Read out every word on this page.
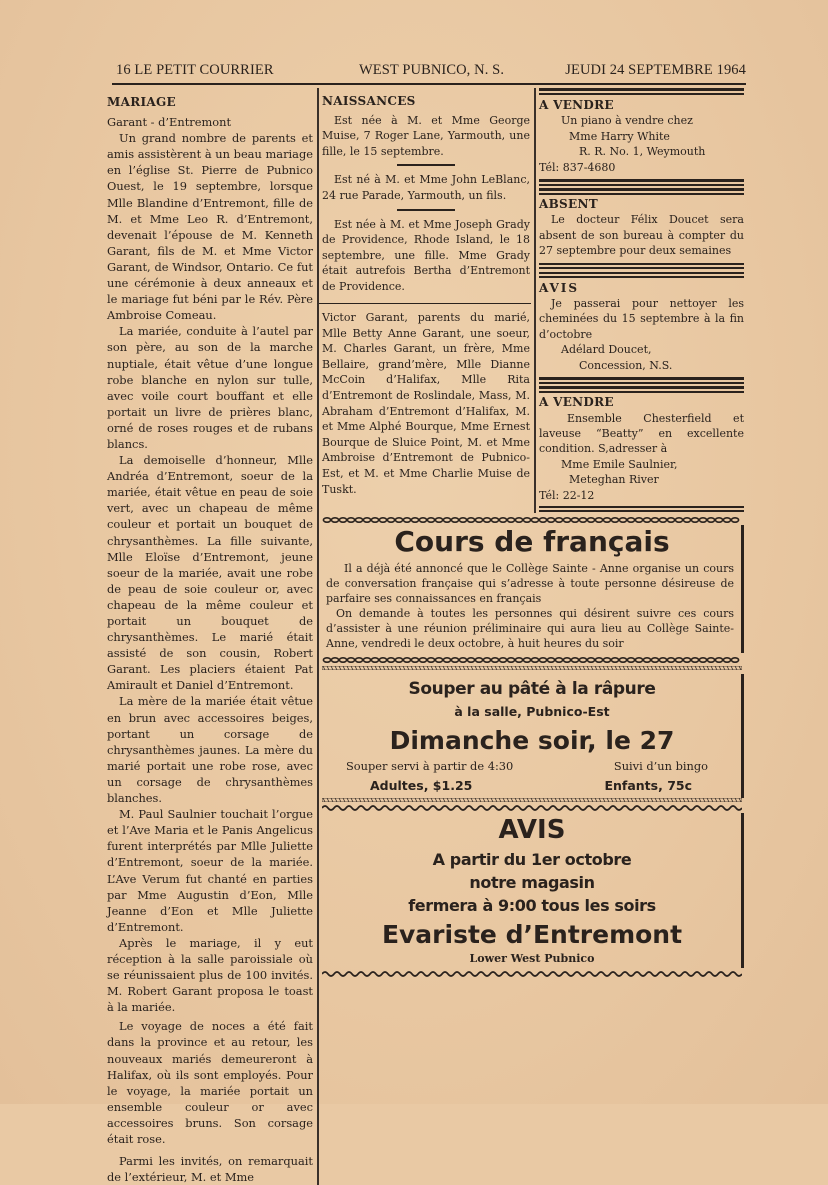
16 LE PETIT COURRIER	WEST PUBNICO, N. S.	JEUDI 24 SEPTEMBRE 1964

MARIAGE

Garant - d’Entremont

Un grand nombre de parents et amis assistèrent à un beau mariage en l’église St. Pierre de Pubnico Ouest, le 19 septembre, lorsque Mlle Blandine d’Entremont, fille de M. et Mme Leo R. d’Entremont, devenait l’épouse de M. Kenneth Garant, fils de M. et Mme Victor Garant, de Windsor, Ontario. Ce fut une cérémonie à deux anneaux et le mariage fut béni par le Rév. Père Ambroise Comeau.

La mariée, conduite à l’autel par son père, au son de la marche nuptiale, était vêtue d’une longue robe blanche en nylon sur tulle, avec voile court bouffant et elle portait un livre de prières blanc, orné de roses rouges et de rubans blancs.

La demoiselle d’honneur, Mlle Andréa d’Entremont, soeur de la mariée, était vêtue en peau de soie vert, avec un chapeau de même couleur et portait un bouquet de chrysanthèmes. La fille suivante, Mlle Eloïse d’Entremont, jeune soeur de la mariée, avait une robe de peau de soie couleur or, avec chapeau de la même couleur et portait un bouquet de chrysanthèmes. Le marié était assisté de son cousin, Robert Garant. Les placiers étaient Pat Amirault et Daniel d’Entremont.

La mère de la mariée était vêtue en brun avec accessoires beiges, portant un corsage de chrysanthèmes jaunes. La mère du marié portait une robe rose, avec un corsage de chrysanthèmes blanches.

M. Paul Saulnier touchait l’orgue et l’Ave Maria et le Panis Angelicus furent interprétés par Mlle Juliette d’Entremont, soeur de la mariée. L’Ave Verum fut chanté en parties par Mme Augustin d’Eon, Mlle Jeanne d’Eon et Mlle Juliette d’Entremont.

Après le mariage, il y eut réception à la salle paroissiale où se réunissaient plus de 100 invités. M. Robert Garant proposa le toast à la mariée.

Le voyage de noces a été fait dans la province et au retour, les nouveaux mariés demeureront à Halifax, où ils sont employés. Pour le voyage, la mariée portait un ensemble couleur or avec accessoires bruns. Son corsage était rose.

Parmi les invités, on remarquait de l’extérieur, M. et Mme

NAISSANCES

Est née à M. et Mme George Muise, 7 Roger Lane, Yarmouth, une fille, le 15 septembre.

Est né à M. et Mme John LeBlanc, 24 rue Parade, Yarmouth, un fils.

Est née à M. et Mme Joseph Grady de Providence, Rhode Island, le 18 septembre, une fille. Mme Grady était autrefois Bertha d’Entremont de Providence.

Victor Garant, parents du marié, Mlle Betty Anne Garant, une soeur, M. Charles Garant, un frère, Mme Bellaire, grand’mère, Mlle Dianne McCoin d’Halifax, Mlle Rita d’Entremont de Roslindale, Mass, M. Abraham d’Entremont d’Halifax, M. et Mme Alphé Bourque, Mme Ernest Bourque de Sluice Point, M. et Mme Ambroise d’Entremont de Pubnico-Est, et M. et Mme Charlie Muise de Tuskt.

A VENDRE

Un piano à vendre chez

Mme Harry White

R. R. No. 1, Weymouth

Tél: 837-4680

ABSENT

Le docteur Félix Doucet sera absent de son bureau à compter du 27 septembre pour deux semaines

AVIS

Je passerai pour nettoyer les cheminées du 15 septembre à la fin d’octobre

Adélard Doucet,

Concession, N.S.

A VENDRE

Ensemble Chesterfield et laveuse “Beatty” en excellente condition. S,adresser à

Mme Emile Saulnier,

Meteghan River

Tél: 22-12

Cours de français

Il a déjà été annoncé que le Collège Sainte - Anne organise un cours de conversation française qui s’adresse à toute personne désireuse de parfaire ses connaissances en français

On demande à toutes les personnes qui désirent suivre ces cours d’assister à une réunion préliminaire qui aura lieu au Collège Sainte-Anne, vendredi le deux octobre, à huit heures du soir

Souper au pâté à la râpure

à la salle, Pubnico-Est

Dimanche soir, le 27

Souper servi à partir de 4:30	Suivi d’un bingo
Adultes, $1.25	Enfants, 75c

AVIS

A partir du 1er octobre

notre magasin

fermera à 9:00 tous les soirs

Evariste d’Entremont

Lower West Pubnico
